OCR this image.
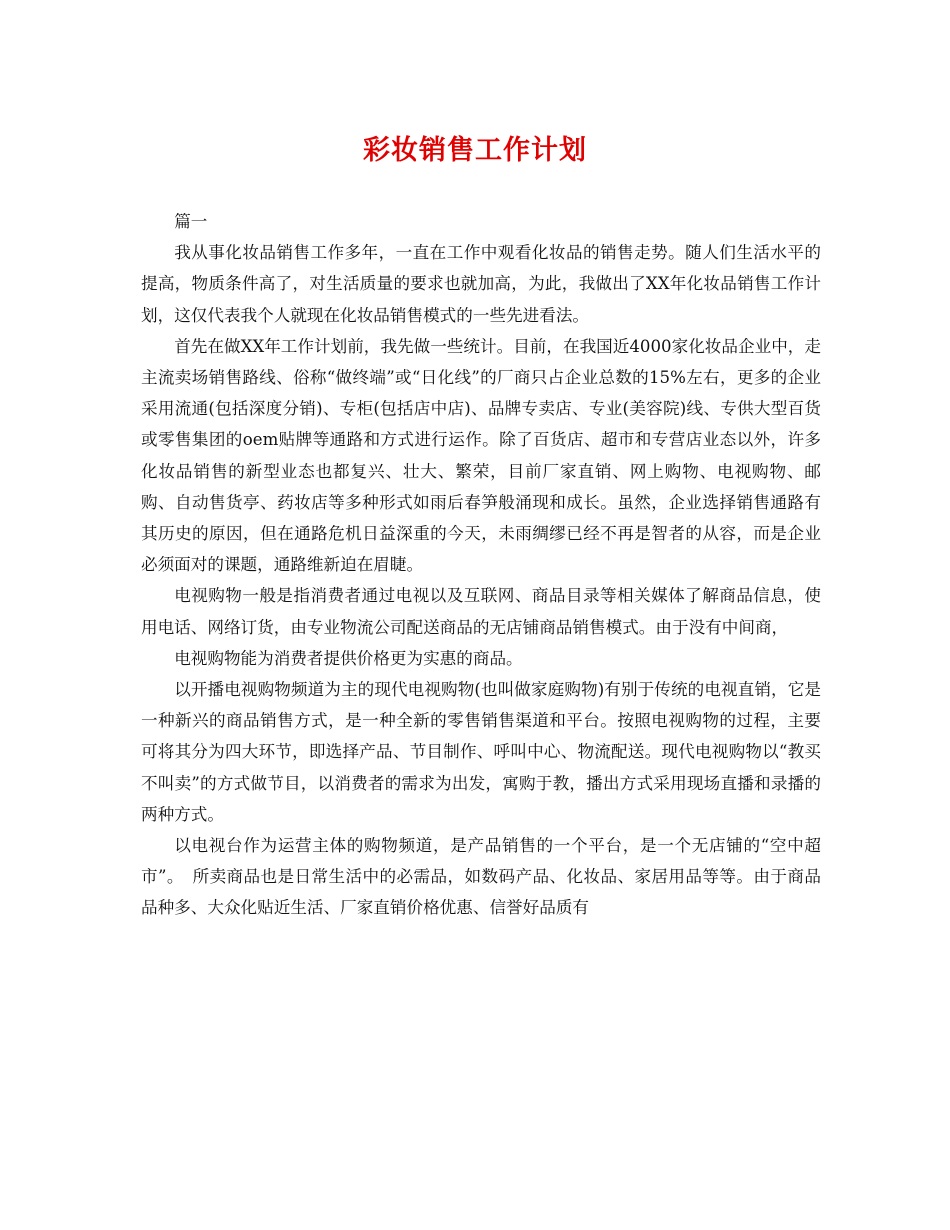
彩妆销售工作计划

篇一

我从事化妆品销售工作多年，一直在工作中观看化妆品的销售走势。随人们生活水平的提高，物质条件高了，对生活质量的要求也就加高，为此，我做出了XX年化妆品销售工作计划，这仅代表我个人就现在化妆品销售模式的一些先进看法。

首先在做XX年工作计划前，我先做一些统计。目前，在我国近4000家化妆品企业中，走主流卖场销售路线、俗称“做终端”或“日化线”的厂商只占企业总数的15%左右，更多的企业采用流通(包括深度分销)、专柜(包括店中店)、品牌专卖店、专业(美容院)线、专供大型百货或零售集团的oem贴牌等通路和方式进行运作。除了百货店、超市和专营店业态以外，许多化妆品销售的新型业态也都复兴、壮大、繁荣，目前厂家直销、网上购物、电视购物、邮购、自动售货亭、药妆店等多种形式如雨后春笋般涌现和成长。虽然，企业选择销售通路有其历史的原因，但在通路危机日益深重的今天，未雨绸缪已经不再是智者的从容，而是企业必须面对的课题，通路维新迫在眉睫。

电视购物一般是指消费者通过电视以及互联网、商品目录等相关媒体了解商品信息，使用电话、网络订货，由专业物流公司配送商品的无店铺商品销售模式。由于没有中间商，

电视购物能为消费者提供价格更为实惠的商品。

以开播电视购物频道为主的现代电视购物(也叫做家庭购物)有别于传统的电视直销，它是一种新兴的商品销售方式，是一种全新的零售销售渠道和平台。按照电视购物的过程，主要可将其分为四大环节，即选择产品、节目制作、呼叫中心、物流配送。现代电视购物以“教买不叫卖”的方式做节目，以消费者的需求为出发，寓购于教，播出方式采用现场直播和录播的两种方式。

以电视台作为运营主体的购物频道，是产品销售的一个平台，是一个无店铺的“空中超市”。　所卖商品也是日常生活中的必需品，如数码产品、化妆品、家居用品等等。由于商品品种多、大众化贴近生活、厂家直销价格优惠、信誉好品质有
